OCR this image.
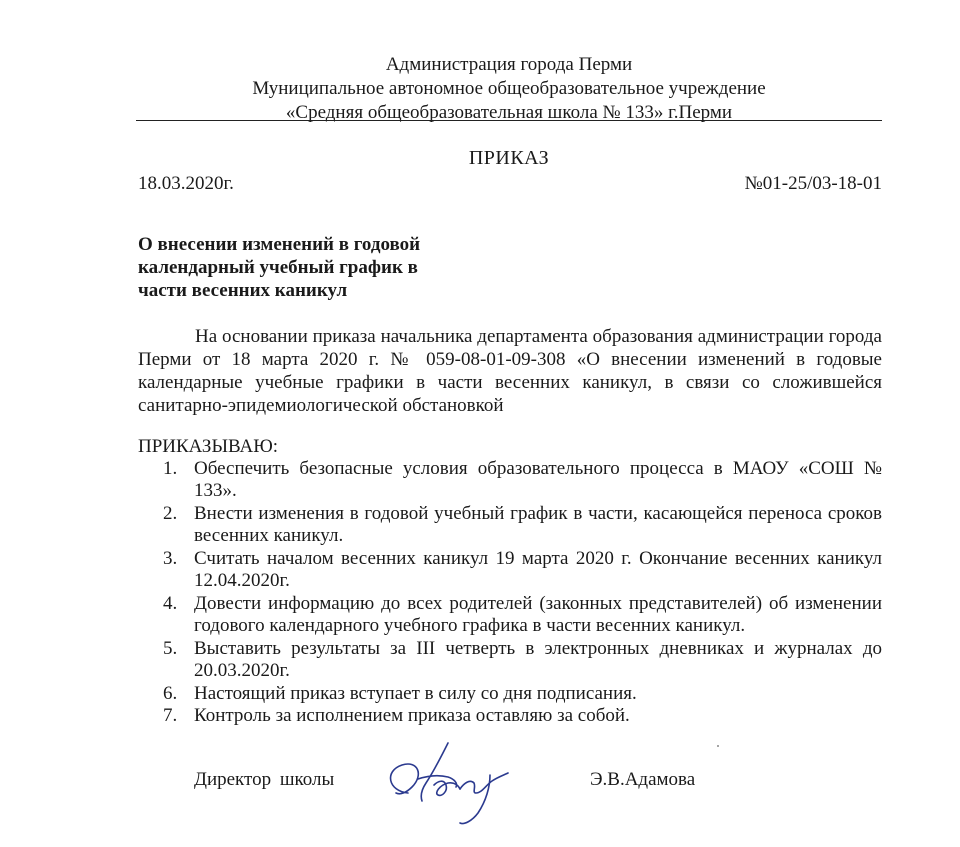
Администрация города Перми
Муниципальное автономное общеобразовательное учреждение
«Средняя общеобразовательная школа № 133» г.Перми
ПРИКАЗ
18.03.2020г.	№01-25/03-18-01
О внесении изменений в годовой
календарный учебный график в
части весенних каникул
На основании приказа начальника департамента образования администрации города Перми от 18 марта 2020 г. № 059-08-01-09-308 «О внесении изменений в годовые календарные учебные графики в части весенних каникул, в связи со сложившейся санитарно-эпидемиологической обстановкой
ПРИКАЗЫВАЮ:
1. Обеспечить безопасные условия образовательного процесса в МАОУ «СОШ № 133».
2. Внести изменения в годовой учебный график в части, касающейся переноса сроков весенних каникул.
3. Считать началом весенних каникул 19 марта 2020 г. Окончание весенних каникул 12.04.2020г.
4. Довести информацию до всех родителей (законных представителей) об изменении годового календарного учебного графика в части весенних каникул.
5. Выставить результаты за III четверть в электронных дневниках и журналах до 20.03.2020г.
6. Настоящий приказ вступает в силу со дня подписания.
7. Контроль за исполнением приказа оставляю за собой.
Директор школы	Э.В.Адамова
